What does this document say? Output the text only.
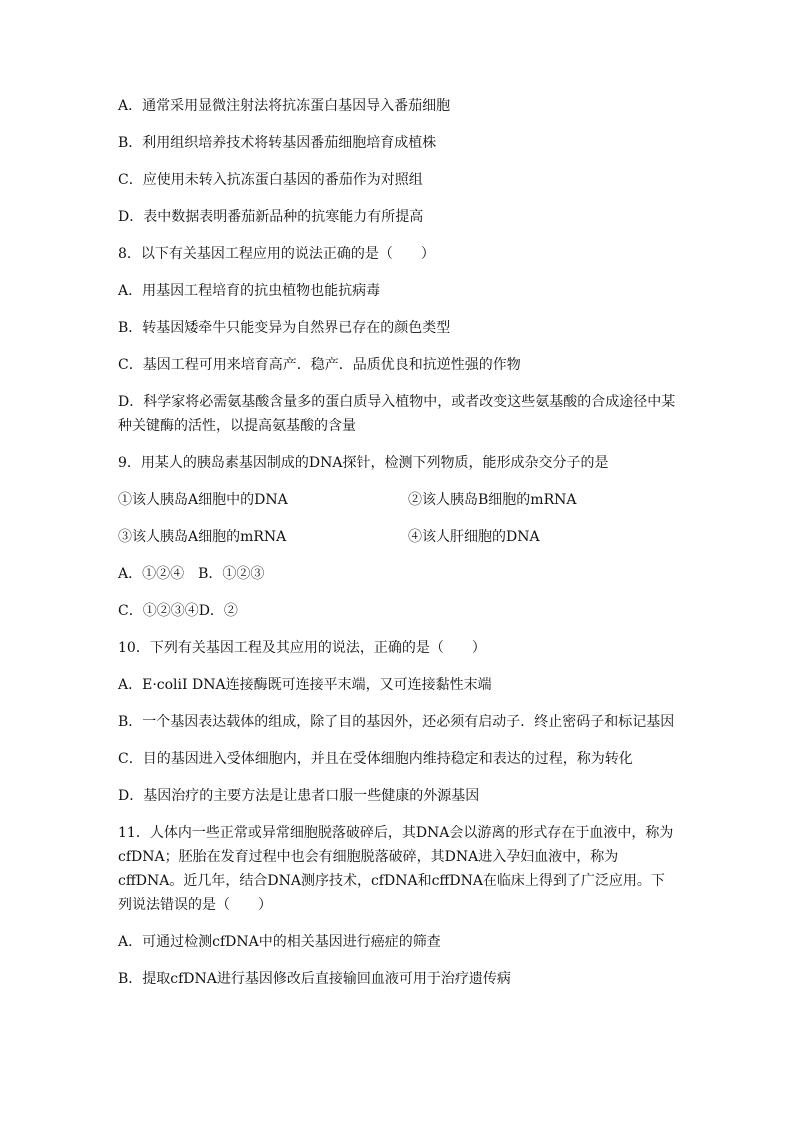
A．通常采用显微注射法将抗冻蛋白基因导入番茄细胞

B．利用组织培养技术将转基因番茄细胞培育成植株

C．应使用未转入抗冻蛋白基因的番茄作为对照组

D．表中数据表明番茄新品种的抗寒能力有所提高

8．以下有关基因工程应用的说法正确的是（　　）

A．用基因工程培育的抗虫植物也能抗病毒

B．转基因矮牵牛只能变异为自然界已存在的颜色类型

C．基因工程可用来培育高产．稳产．品质优良和抗逆性强的作物

D．科学家将必需氨基酸含量多的蛋白质导入植物中，或者改变这些氨基酸的合成途径中某种关键酶的活性，以提高氨基酸的含量

9．用某人的胰岛素基因制成的DNA探针，检测下列物质，能形成杂交分子的是

①该人胰岛A细胞中的DNA	②该人胰岛B细胞的mRNA
③该人胰岛A细胞的mRNA	④该人肝细胞的DNA

A．①②④　B．①②③

C．①②③④D．②

10．下列有关基因工程及其应用的说法，正确的是（　　）

A．E·coliⅠ DNA连接酶既可连接平末端，又可连接黏性末端

B．一个基因表达载体的组成，除了目的基因外，还必须有启动子．终止密码子和标记基因

C．目的基因进入受体细胞内，并且在受体细胞内维持稳定和表达的过程，称为转化

D．基因治疗的主要方法是让患者口服一些健康的外源基因

11．人体内一些正常或异常细胞脱落破碎后，其DNA会以游离的形式存在于血液中，称为cfDNA；胚胎在发育过程中也会有细胞脱落破碎，其DNA进入孕妇血液中，称为cffDNA。近几年，结合DNA测序技术，cfDNA和cffDNA在临床上得到了广泛应用。下列说法错误的是（　　）

A．可通过检测cfDNA中的相关基因进行癌症的筛查

B．提取cfDNA进行基因修改后直接输回血液可用于治疗遗传病
